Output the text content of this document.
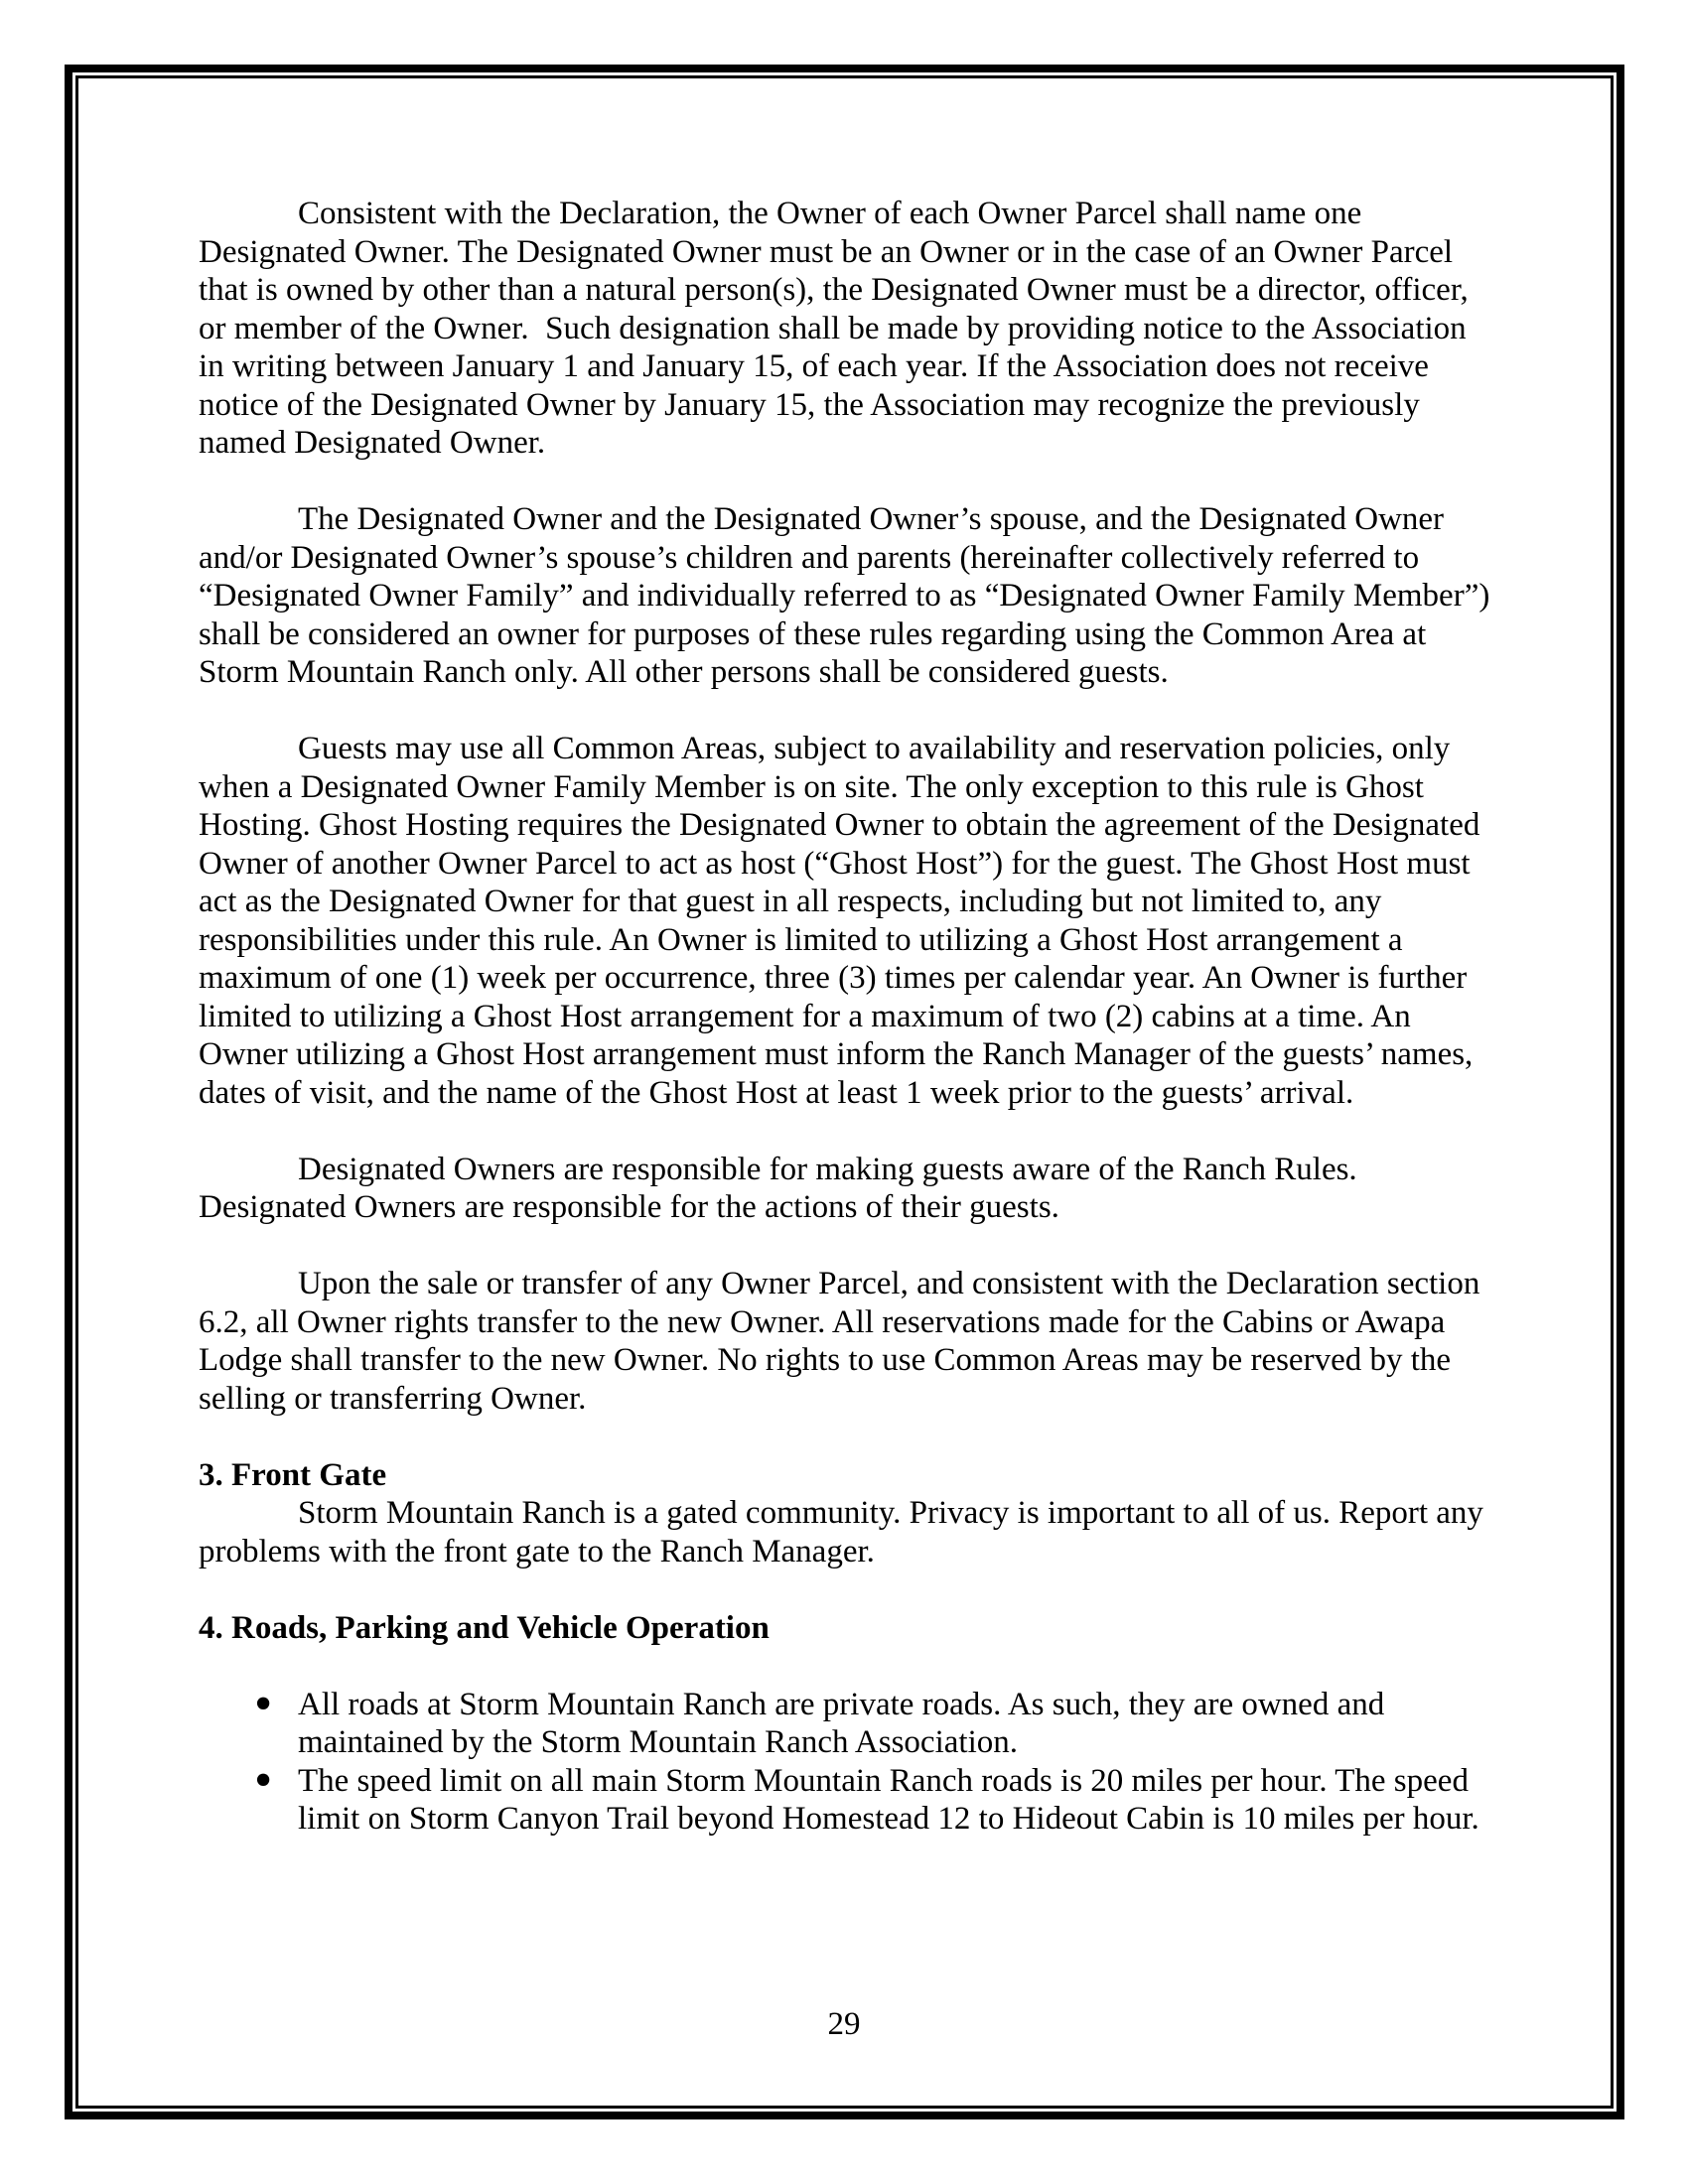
Consistent with the Declaration, the Owner of each Owner Parcel shall name one Designated Owner. The Designated Owner must be an Owner or in the case of an Owner Parcel that is owned by other than a natural person(s), the Designated Owner must be a director, officer, or member of the Owner.  Such designation shall be made by providing notice to the Association in writing between January 1 and January 15, of each year. If the Association does not receive notice of the Designated Owner by January 15, the Association may recognize the previously named Designated Owner.

The Designated Owner and the Designated Owner’s spouse, and the Designated Owner and/or Designated Owner’s spouse’s children and parents (hereinafter collectively referred to “Designated Owner Family” and individually referred to as “Designated Owner Family Member”) shall be considered an owner for purposes of these rules regarding using the Common Area at Storm Mountain Ranch only. All other persons shall be considered guests.

Guests may use all Common Areas, subject to availability and reservation policies, only when a Designated Owner Family Member is on site. The only exception to this rule is Ghost Hosting. Ghost Hosting requires the Designated Owner to obtain the agreement of the Designated Owner of another Owner Parcel to act as host (“Ghost Host”) for the guest. The Ghost Host must act as the Designated Owner for that guest in all respects, including but not limited to, any responsibilities under this rule. An Owner is limited to utilizing a Ghost Host arrangement a maximum of one (1) week per occurrence, three (3) times per calendar year. An Owner is further limited to utilizing a Ghost Host arrangement for a maximum of two (2) cabins at a time. An Owner utilizing a Ghost Host arrangement must inform the Ranch Manager of the guests’ names, dates of visit, and the name of the Ghost Host at least 1 week prior to the guests’ arrival.

Designated Owners are responsible for making guests aware of the Ranch Rules. Designated Owners are responsible for the actions of their guests.

Upon the sale or transfer of any Owner Parcel, and consistent with the Declaration section 6.2, all Owner rights transfer to the new Owner. All reservations made for the Cabins or Awapa Lodge shall transfer to the new Owner. No rights to use Common Areas may be reserved by the selling or transferring Owner.

3. Front Gate

Storm Mountain Ranch is a gated community. Privacy is important to all of us. Report any problems with the front gate to the Ranch Manager.

4. Roads, Parking and Vehicle Operation
• All roads at Storm Mountain Ranch are private roads. As such, they are owned and maintained by the Storm Mountain Ranch Association.
• The speed limit on all main Storm Mountain Ranch roads is 20 miles per hour. The speed limit on Storm Canyon Trail beyond Homestead 12 to Hideout Cabin is 10 miles per hour.
29
